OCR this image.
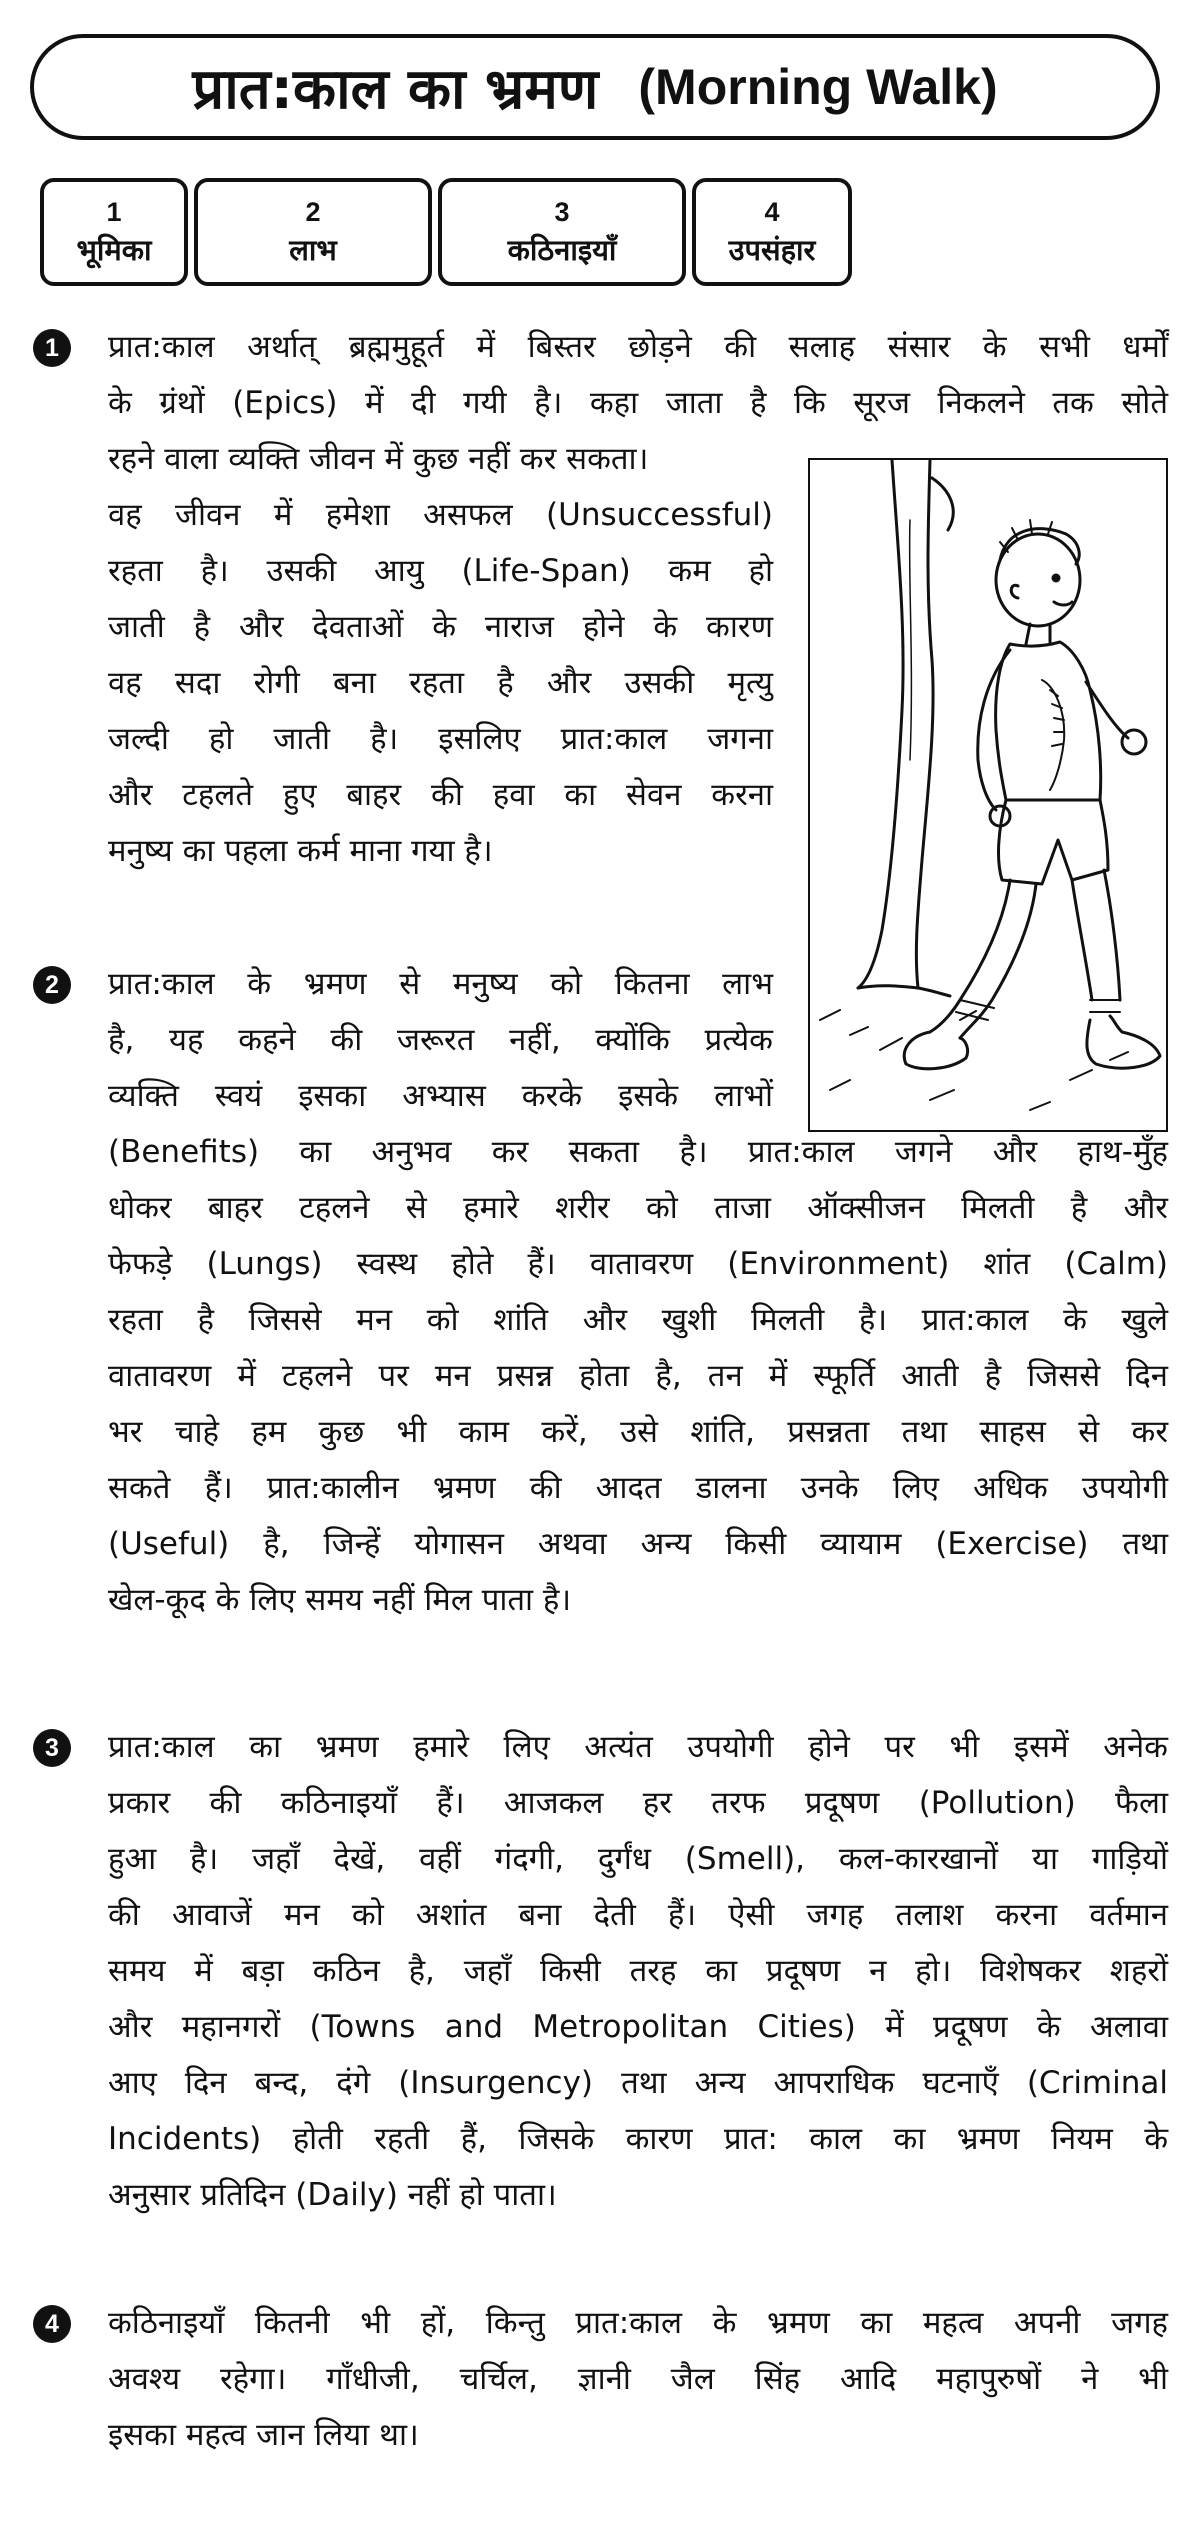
प्रात:काल का भ्रमण (Morning Walk)
1
भूमिका
2
लाभ
3
कठिनाइयाँ
4
उपसंहार
1	प्रात:काल अर्थात् ब्रह्ममुहूर्त में बिस्तर छोड़ने की सलाह संसार के सभी धर्मों
के ग्रंथों (Epics) में दी गयी है। कहा जाता है कि सूरज निकलने तक सोते
रहने वाला व्यक्ति जीवन में कुछ नहीं कर सकता।
वह जीवन में हमेशा असफल (Unsuccessful)
रहता है। उसकी आयु (Life-Span) कम हो
जाती है और देवताओं के नाराज होने के कारण
वह सदा रोगी बना रहता है और उसकी मृत्यु
जल्दी हो जाती है। इसलिए प्रात:काल जगना
और टहलते हुए बाहर की हवा का सेवन करना
मनुष्य का पहला कर्म माना गया है।
2	प्रात:काल के भ्रमण से मनुष्य को कितना लाभ
है, यह कहने की जरूरत नहीं, क्योंकि प्रत्येक
व्यक्ति स्वयं इसका अभ्यास करके इसके लाभों
(Benefits) का अनुभव कर सकता है। प्रात:काल जगने और हाथ-मुँह
धोकर बाहर टहलने से हमारे शरीर को ताजा ऑक्सीजन मिलती है और
फेफड़े (Lungs) स्वस्थ होते हैं। वातावरण (Environment) शांत (Calm)
रहता है जिससे मन को शांति और खुशी मिलती है। प्रात:काल के खुले
वातावरण में टहलने पर मन प्रसन्न होता है, तन में स्फूर्ति आती है जिससे दिन
भर चाहे हम कुछ भी काम करें, उसे शांति, प्रसन्नता तथा साहस से कर
सकते हैं। प्रात:कालीन भ्रमण की आदत डालना उनके लिए अधिक उपयोगी
(Useful) है, जिन्हें योगासन अथवा अन्य किसी व्यायाम (Exercise) तथा
खेल-कूद के लिए समय नहीं मिल पाता है।
3	प्रात:काल का भ्रमण हमारे लिए अत्यंत उपयोगी होने पर भी इसमें अनेक
प्रकार की कठिनाइयाँ हैं। आजकल हर तरफ प्रदूषण (Pollution) फैला
हुआ है। जहाँ देखें, वहीं गंदगी, दुर्गंध (Smell), कल-कारखानों या गाड़ियों
की आवाजें मन को अशांत बना देती हैं। ऐसी जगह तलाश करना वर्तमान
समय में बड़ा कठिन है, जहाँ किसी तरह का प्रदूषण न हो। विशेषकर शहरों
और महानगरों (Towns and Metropolitan Cities) में प्रदूषण के अलावा
आए दिन बन्द, दंगे (Insurgency) तथा अन्य आपराधिक घटनाएँ (Criminal
Incidents) होती रहती हैं, जिसके कारण प्रात: काल का भ्रमण नियम के
अनुसार प्रतिदिन (Daily) नहीं हो पाता।
4	कठिनाइयाँ कितनी भी हों, किन्तु प्रात:काल के भ्रमण का महत्व अपनी जगह
अवश्य रहेगा। गाँधीजी, चर्चिल, ज्ञानी जैल सिंह आदि महापुरुषों ने भी
इसका महत्व जान लिया था।
